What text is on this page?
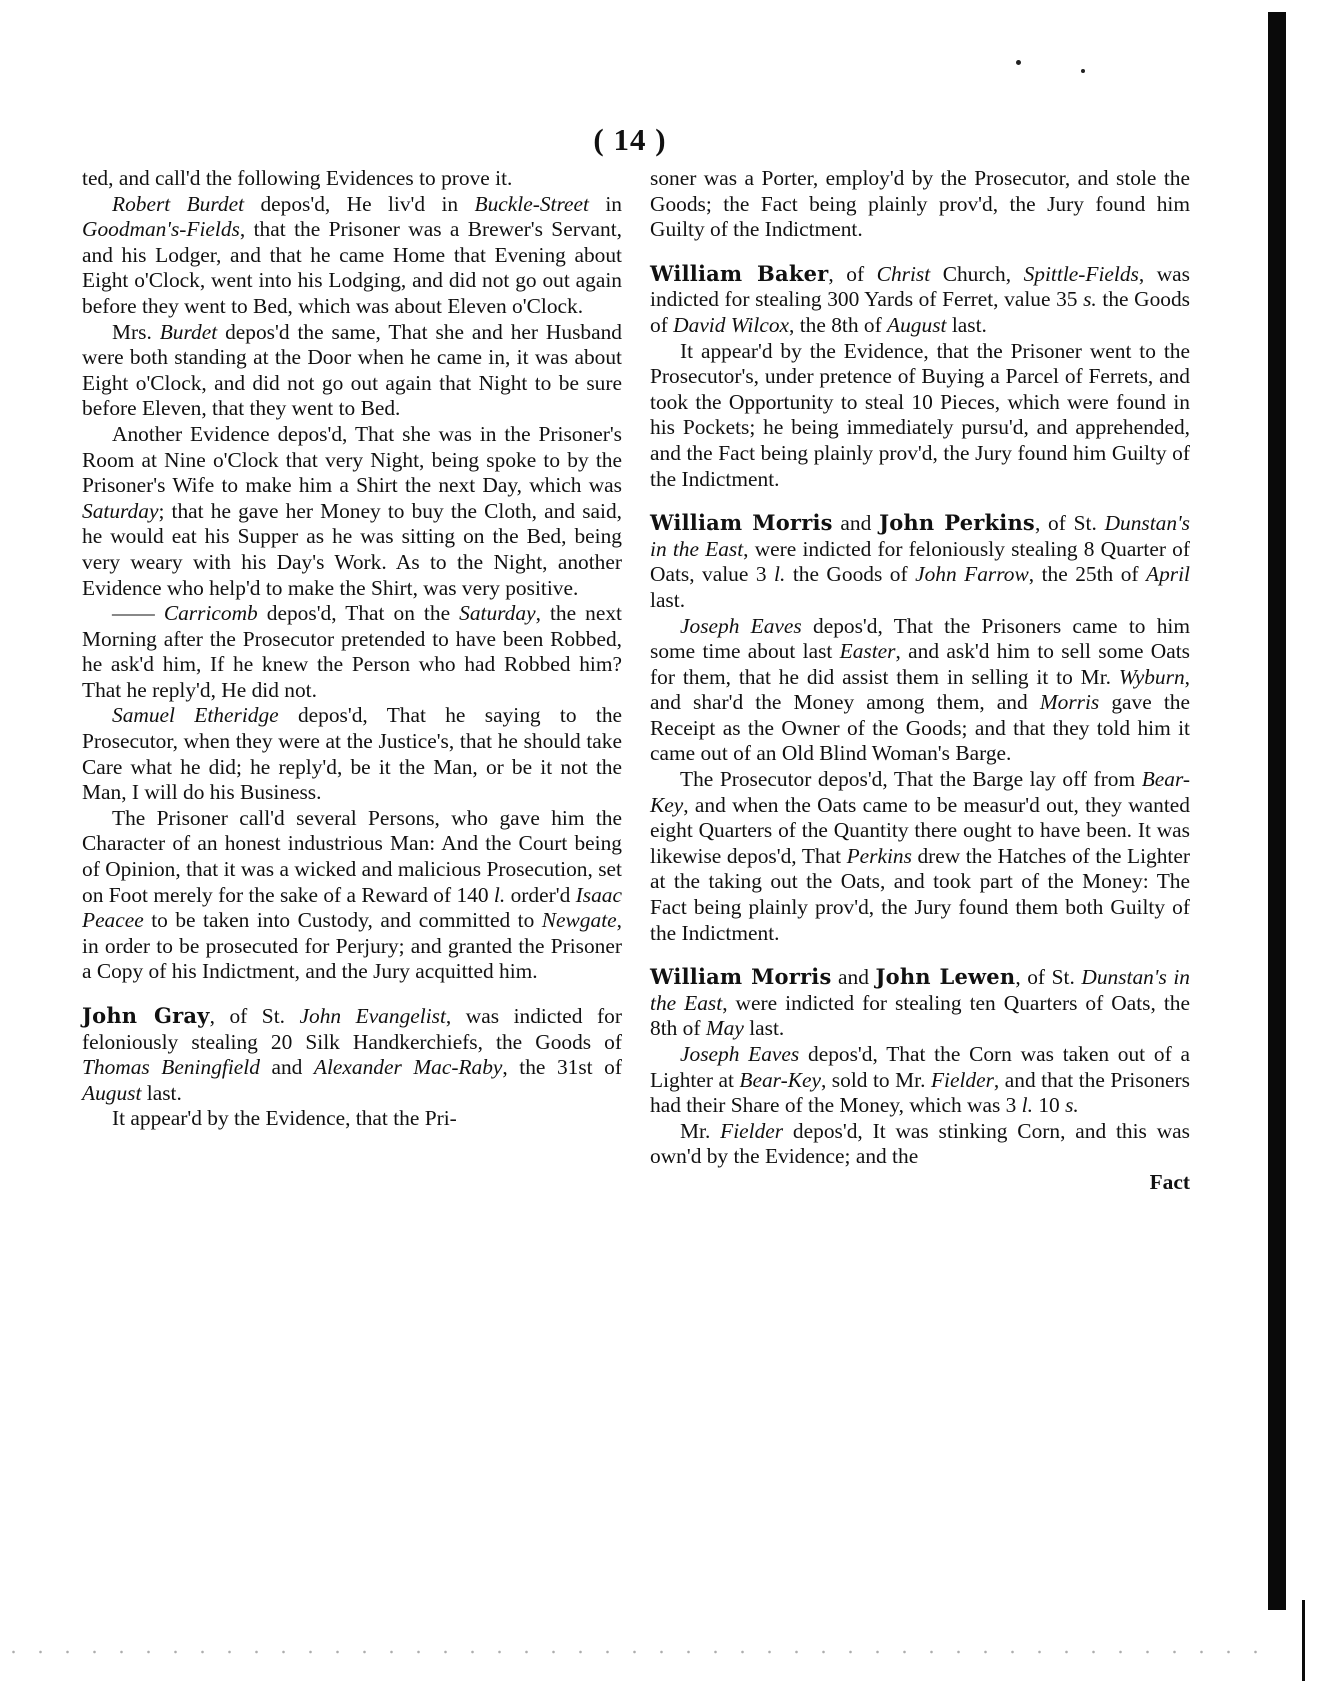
( 14 )

ted, and call'd the following Evidences to prove it.

Robert Burdet depos'd, He liv'd in Buckle-Street in Goodman's-Fields, that the Prisoner was a Brewer's Servant, and his Lodger, and that he came Home that Evening about Eight o'Clock, went into his Lodging, and did not go out again before they went to Bed, which was about Eleven o'Clock.

Mrs. Burdet depos'd the same, That she and her Husband were both standing at the Door when he came in, it was about Eight o'Clock, and did not go out again that Night to be sure before Eleven, that they went to Bed.

Another Evidence depos'd, That she was in the Prisoner's Room at Nine o'Clock that very Night, being spoke to by the Prisoner's Wife to make him a Shirt the next Day, which was Saturday; that he gave her Money to buy the Cloth, and said, he would eat his Supper as he was sitting on the Bed, being very weary with his Day's Work. As to the Night, another Evidence who help'd to make the Shirt, was very positive.

—— Carricomb depos'd, That on the Saturday, the next Morning after the Prosecutor pretended to have been Robbed, he ask'd him, If he knew the Person who had Robbed him? That he reply'd, He did not.

Samuel Etheridge depos'd, That he saying to the Prosecutor, when they were at the Justice's, that he should take Care what he did; he reply'd, be it the Man, or be it not the Man, I will do his Business.

The Prisoner call'd several Persons, who gave him the Character of an honest industrious Man: And the Court being of Opinion, that it was a wicked and malicious Prosecution, set on Foot merely for the sake of a Reward of 140 l. order'd Isaac Peacee to be taken into Custody, and committed to Newgate, in order to be prosecuted for Perjury; and granted the Prisoner a Copy of his Indictment, and the Jury acquitted him.

John Gray, of St. John Evangelist, was indicted for feloniously stealing 20 Silk Handkerchiefs, the Goods of Thomas Beningfield and Alexander Mac-Raby, the 31st of August last.

It appear'd by the Evidence, that the Pri-

soner was a Porter, employ'd by the Prosecutor, and stole the Goods; the Fact being plainly prov'd, the Jury found him Guilty of the Indictment.

William Baker, of Christ Church, Spittle-Fields, was indicted for stealing 300 Yards of Ferret, value 35 s. the Goods of David Wilcox, the 8th of August last.

It appear'd by the Evidence, that the Prisoner went to the Prosecutor's, under pretence of Buying a Parcel of Ferrets, and took the Opportunity to steal 10 Pieces, which were found in his Pockets; he being immediately pursu'd, and apprehended, and the Fact being plainly prov'd, the Jury found him Guilty of the Indictment.

William Morris and John Perkins, of St. Dunstan's in the East, were indicted for feloniously stealing 8 Quarter of Oats, value 3 l. the Goods of John Farrow, the 25th of April last.

Joseph Eaves depos'd, That the Prisoners came to him some time about last Easter, and ask'd him to sell some Oats for them, that he did assist them in selling it to Mr. Wyburn, and shar'd the Money among them, and Morris gave the Receipt as the Owner of the Goods; and that they told him it came out of an Old Blind Woman's Barge.

The Prosecutor depos'd, That the Barge lay off from Bear-Key, and when the Oats came to be measur'd out, they wanted eight Quarters of the Quantity there ought to have been. It was likewise depos'd, That Perkins drew the Hatches of the Lighter at the taking out the Oats, and took part of the Money: The Fact being plainly prov'd, the Jury found them both Guilty of the Indictment.

William Morris and John Lewen, of St. Dunstan's in the East, were indicted for stealing ten Quarters of Oats, the 8th of May last.

Joseph Eaves depos'd, That the Corn was taken out of a Lighter at Bear-Key, sold to Mr. Fielder, and that the Prisoners had their Share of the Money, which was 3 l. 10 s.

Mr. Fielder depos'd, It was stinking Corn, and this was own'd by the Evidence; and the

Fact
